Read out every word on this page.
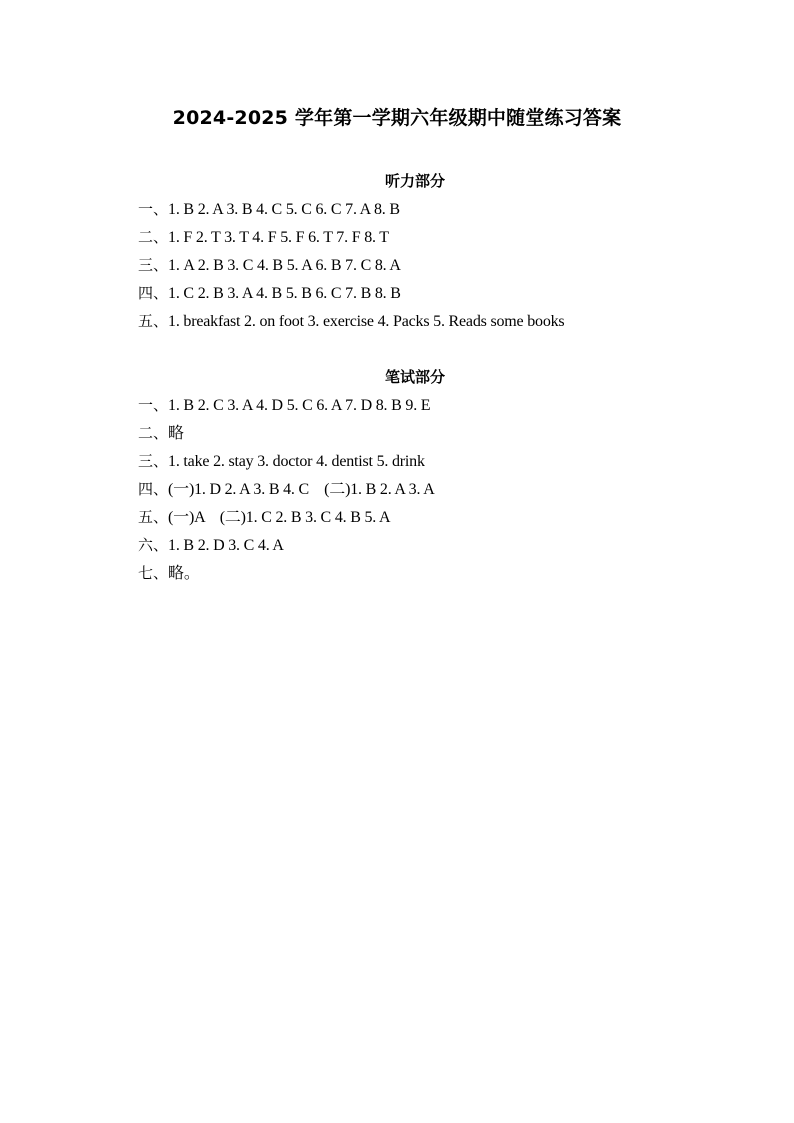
2024-2025 学年第一学期六年级期中随堂练习答案
听力部分
一、1. B 2. A 3. B 4. C 5. C 6. C 7. A 8. B
二、1. F 2. T 3. T 4. F 5. F 6. T 7. F 8. T
三、1. A 2. B 3. C 4. B 5. A 6. B 7. C 8. A
四、1. C 2. B 3. A 4. B 5. B 6. C 7. B 8. B
五、1. breakfast 2. on foot 3. exercise 4. Packs 5. Reads some books
笔试部分
一、1. B 2. C 3. A 4. D 5. C 6. A 7. D 8. B 9. E
二、略
三、1. take 2. stay 3. doctor 4. dentist 5. drink
四、(一)1. D 2. A 3. B 4. C    (二)1. B 2. A 3. A
五、(一)A    (二)1. C 2. B 3. C 4. B 5. A
六、1. B 2. D 3. C 4. A
七、略。
